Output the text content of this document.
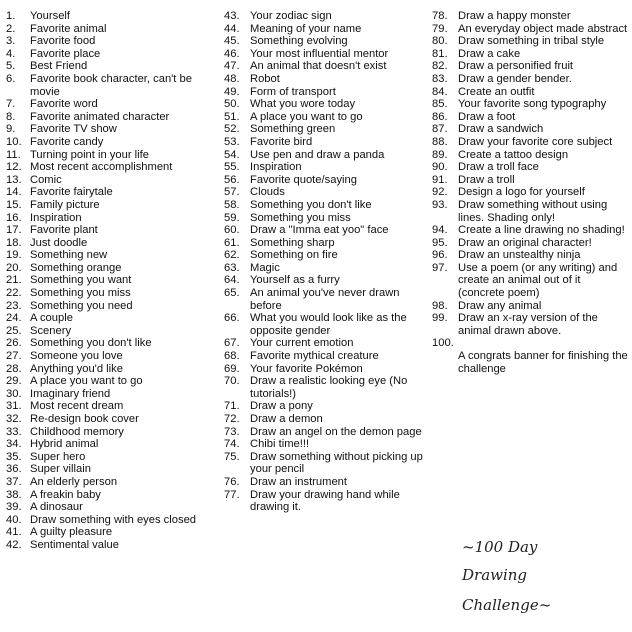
1.	Yourself
2.	Favorite animal
3.	Favorite food
4.	Favorite place
5.	Best Friend
6.	Favorite book character, can't be movie
7.	Favorite word
8.	Favorite animated character
9.	Favorite TV show
10. Favorite candy
11. Turning point in your life
12. Most recent accomplishment
13. Comic
14. Favorite fairytale
15. Family picture
16. Inspiration
17. Favorite plant
18. Just doodle
19. Something new
20. Something orange
21. Something you want
22. Something you miss
23. Something you need
24. A couple
25. Scenery
26. Something you don't like
27. Someone you love
28. Anything you'd like
29. A place you want to go
30. Imaginary friend
31. Most recent dream
32. Re-design book cover
33. Childhood memory
34. Hybrid animal
35. Super hero
36. Super villain
37. An elderly person
38. A freakin baby
39. A dinosaur
40. Draw something with eyes closed
41. A guilty pleasure
42. Sentimental value
43. Your zodiac sign
44. Meaning of your name
45. Something evolving
46. Your most influential mentor
47. An animal that doesn't exist
48. Robot
49. Form of transport
50. What you wore today
51. A place you want to go
52. Something green
53. Favorite bird
54. Use pen and draw a panda
55. Inspiration
56. Favorite quote/saying
57. Clouds
58. Something you don't like
59. Something you miss
60. Draw a "Imma eat yoo" face
61. Something sharp
62. Something on fire
63. Magic
64. Yourself as a furry
65. An animal you've never drawn before
66. What you would look like as the opposite gender
67. Your current emotion
68. Favorite mythical creature
69. Your favorite Pokémon
70. Draw a realistic looking eye (No tutorials!)
71. Draw a pony
72. Draw a demon
73. Draw an angel on the demon page
74. Chibi time!!!
75. Draw something without picking up your pencil
76. Draw an instrument
77. Draw your drawing hand while drawing it.
78. Draw a happy monster
79. An everyday object made abstract
80. Draw something in tribal style
81. Draw a cake
82. Draw a personified fruit
83. Draw a gender bender.
84. Create an outfit
85. Your favorite song typography
86. Draw a foot
87. Draw a sandwich
88. Draw your favorite core subject
89. Create a tattoo design
90. Draw a troll face
91. Draw a troll
92. Design a logo for yourself
93. Draw something without using lines. Shading only!
94. Create a line drawing no shading!
95. Draw an original character!
96. Draw an unstealthy ninja
97. Use a poem (or any writing) and create an animal out of it (concrete poem)
98. Draw any animal
99. Draw an x-ray version of the animal drawn above.
100.
A congrats banner for finishing the challenge
~100 Day
Drawing
Challenge~
